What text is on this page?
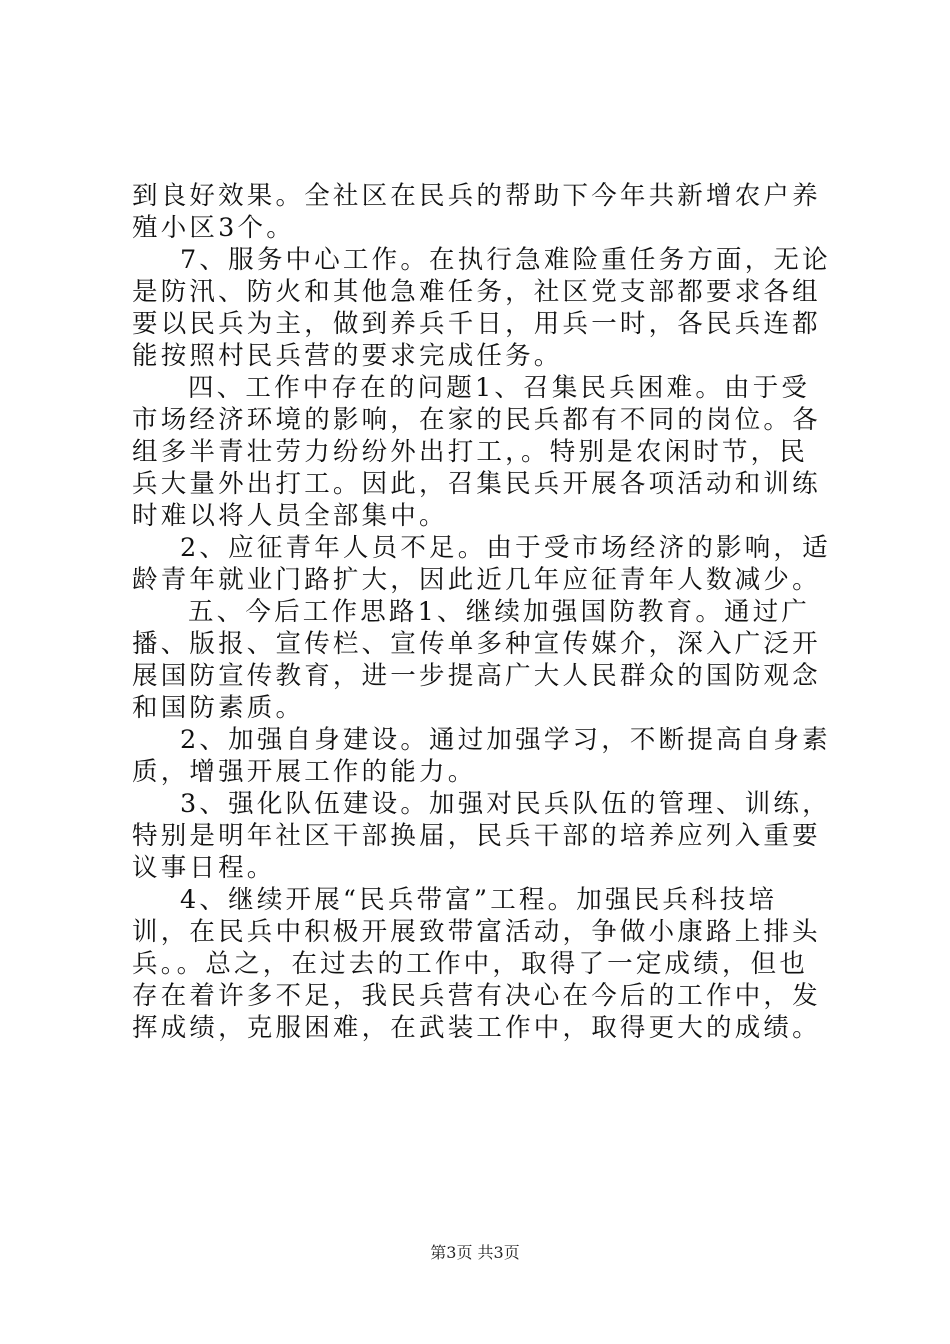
到良好效果。全社区在民兵的帮助下今年共新增农户养殖小区3个。

7、服务中心工作。在执行急难险重任务方面，无论是防汛、防火和其他急难任务，社区党支部都要求各组要以民兵为主，做到养兵千日，用兵一时，各民兵连都能按照村民兵营的要求完成任务。

四、工作中存在的问题1、召集民兵困难。由于受市场经济环境的影响，在家的民兵都有不同的岗位。各组多半青壮劳力纷纷外出打工，。特别是农闲时节，民兵大量外出打工。因此，召集民兵开展各项活动和训练时难以将人员全部集中。

2、应征青年人员不足。由于受市场经济的影响，适龄青年就业门路扩大，因此近几年应征青年人数减少。

五、今后工作思路1、继续加强国防教育。通过广播、版报、宣传栏、宣传单多种宣传媒介，深入广泛开展国防宣传教育，进一步提高广大人民群众的国防观念和国防素质。

2、加强自身建设。通过加强学习，不断提高自身素质，增强开展工作的能力。

3、强化队伍建设。加强对民兵队伍的管理、训练，特别是明年社区干部换届，民兵干部的培养应列入重要议事日程。

4、继续开展“民兵带富”工程。加强民兵科技培训，在民兵中积极开展致带富活动，争做小康路上排头兵。。总之，在过去的工作中，取得了一定成绩，但也存在着许多不足，我民兵营有决心在今后的工作中，发挥成绩，克服困难，在武装工作中，取得更大的成绩。

第3页 共3页
